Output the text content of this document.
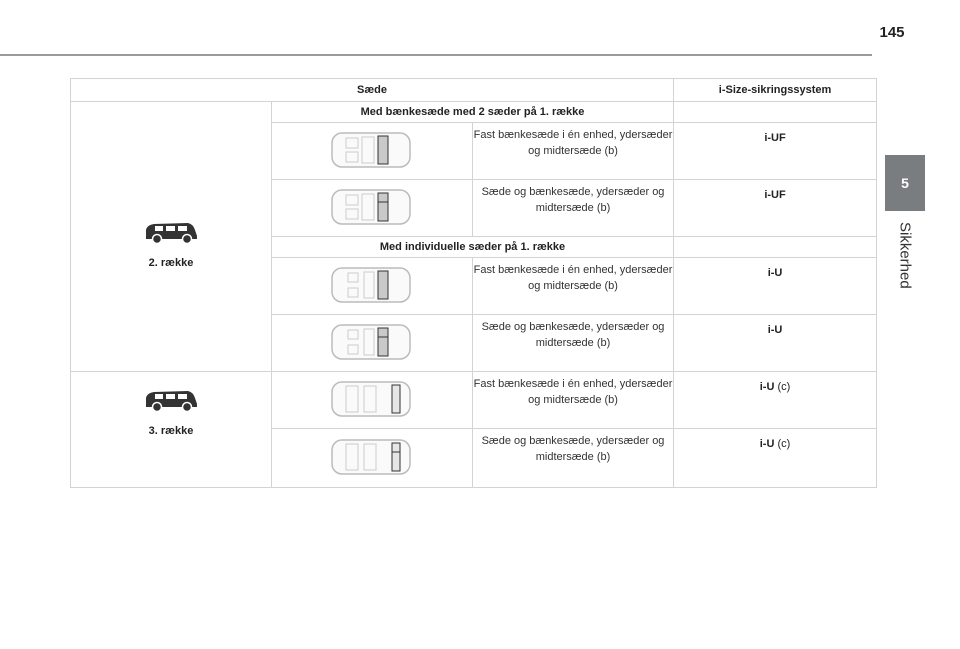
145
5
Sikkerhed
Sæde			i-Size-sikringssystem

2. række	Med bænkesæde med 2 sæder på 1. række		
	Fast bænkesæde i én enhed, ydersæder og midtersæde (b)	i-UF
	Sæde og bænkesæde, ydersæder og midtersæde (b)	i-UF
	Med individuelle sæder på 1. række		
	Fast bænkesæde i én enhed, ydersæder og midtersæde (b)	i-U
	Sæde og bænkesæde, ydersæder og midtersæde (b)	i-U

3. række		Fast bænkesæde i én enhed, ydersæder og midtersæde (b)	i-U (c)
	Sæde og bænkesæde, ydersæder og midtersæde (b)	i-U (c)
